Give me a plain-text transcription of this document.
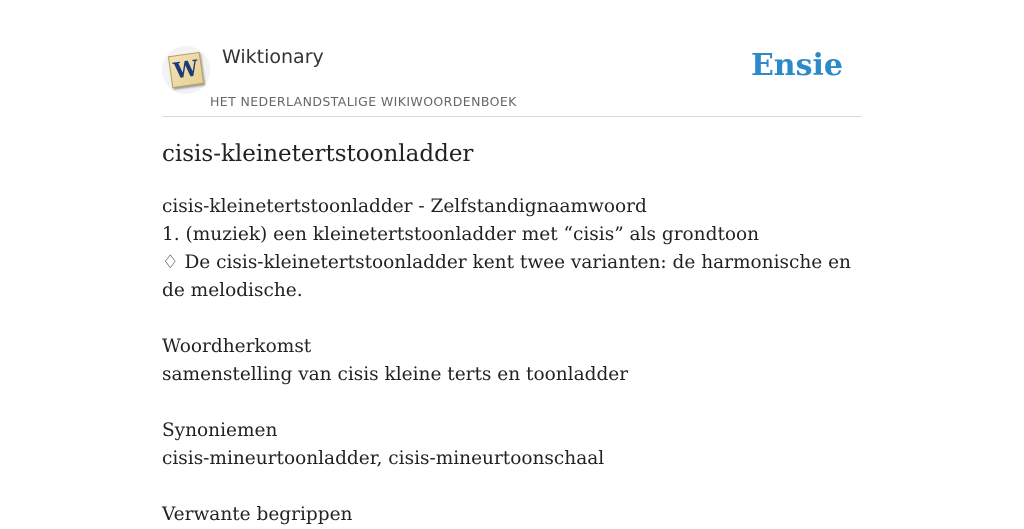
W Wiktionary
HET NEDERLANDSTALIGE WIKIWOORDENBOEK
Ensie
cisis-kleinetertstoonladder

cisis-kleinetertstoonladder - Zelfstandignaamwoord

1. (muziek) een kleinetertstoonladder met “cisis” als grondtoon

♢ De cisis-kleinetertstoonladder kent twee varianten: de harmonische en de melodische.

Woordherkomst

samenstelling van cisis kleine terts en toonladder

Synoniemen

cisis-mineurtoonladder, cisis-mineurtoonschaal

Verwante begrippen
